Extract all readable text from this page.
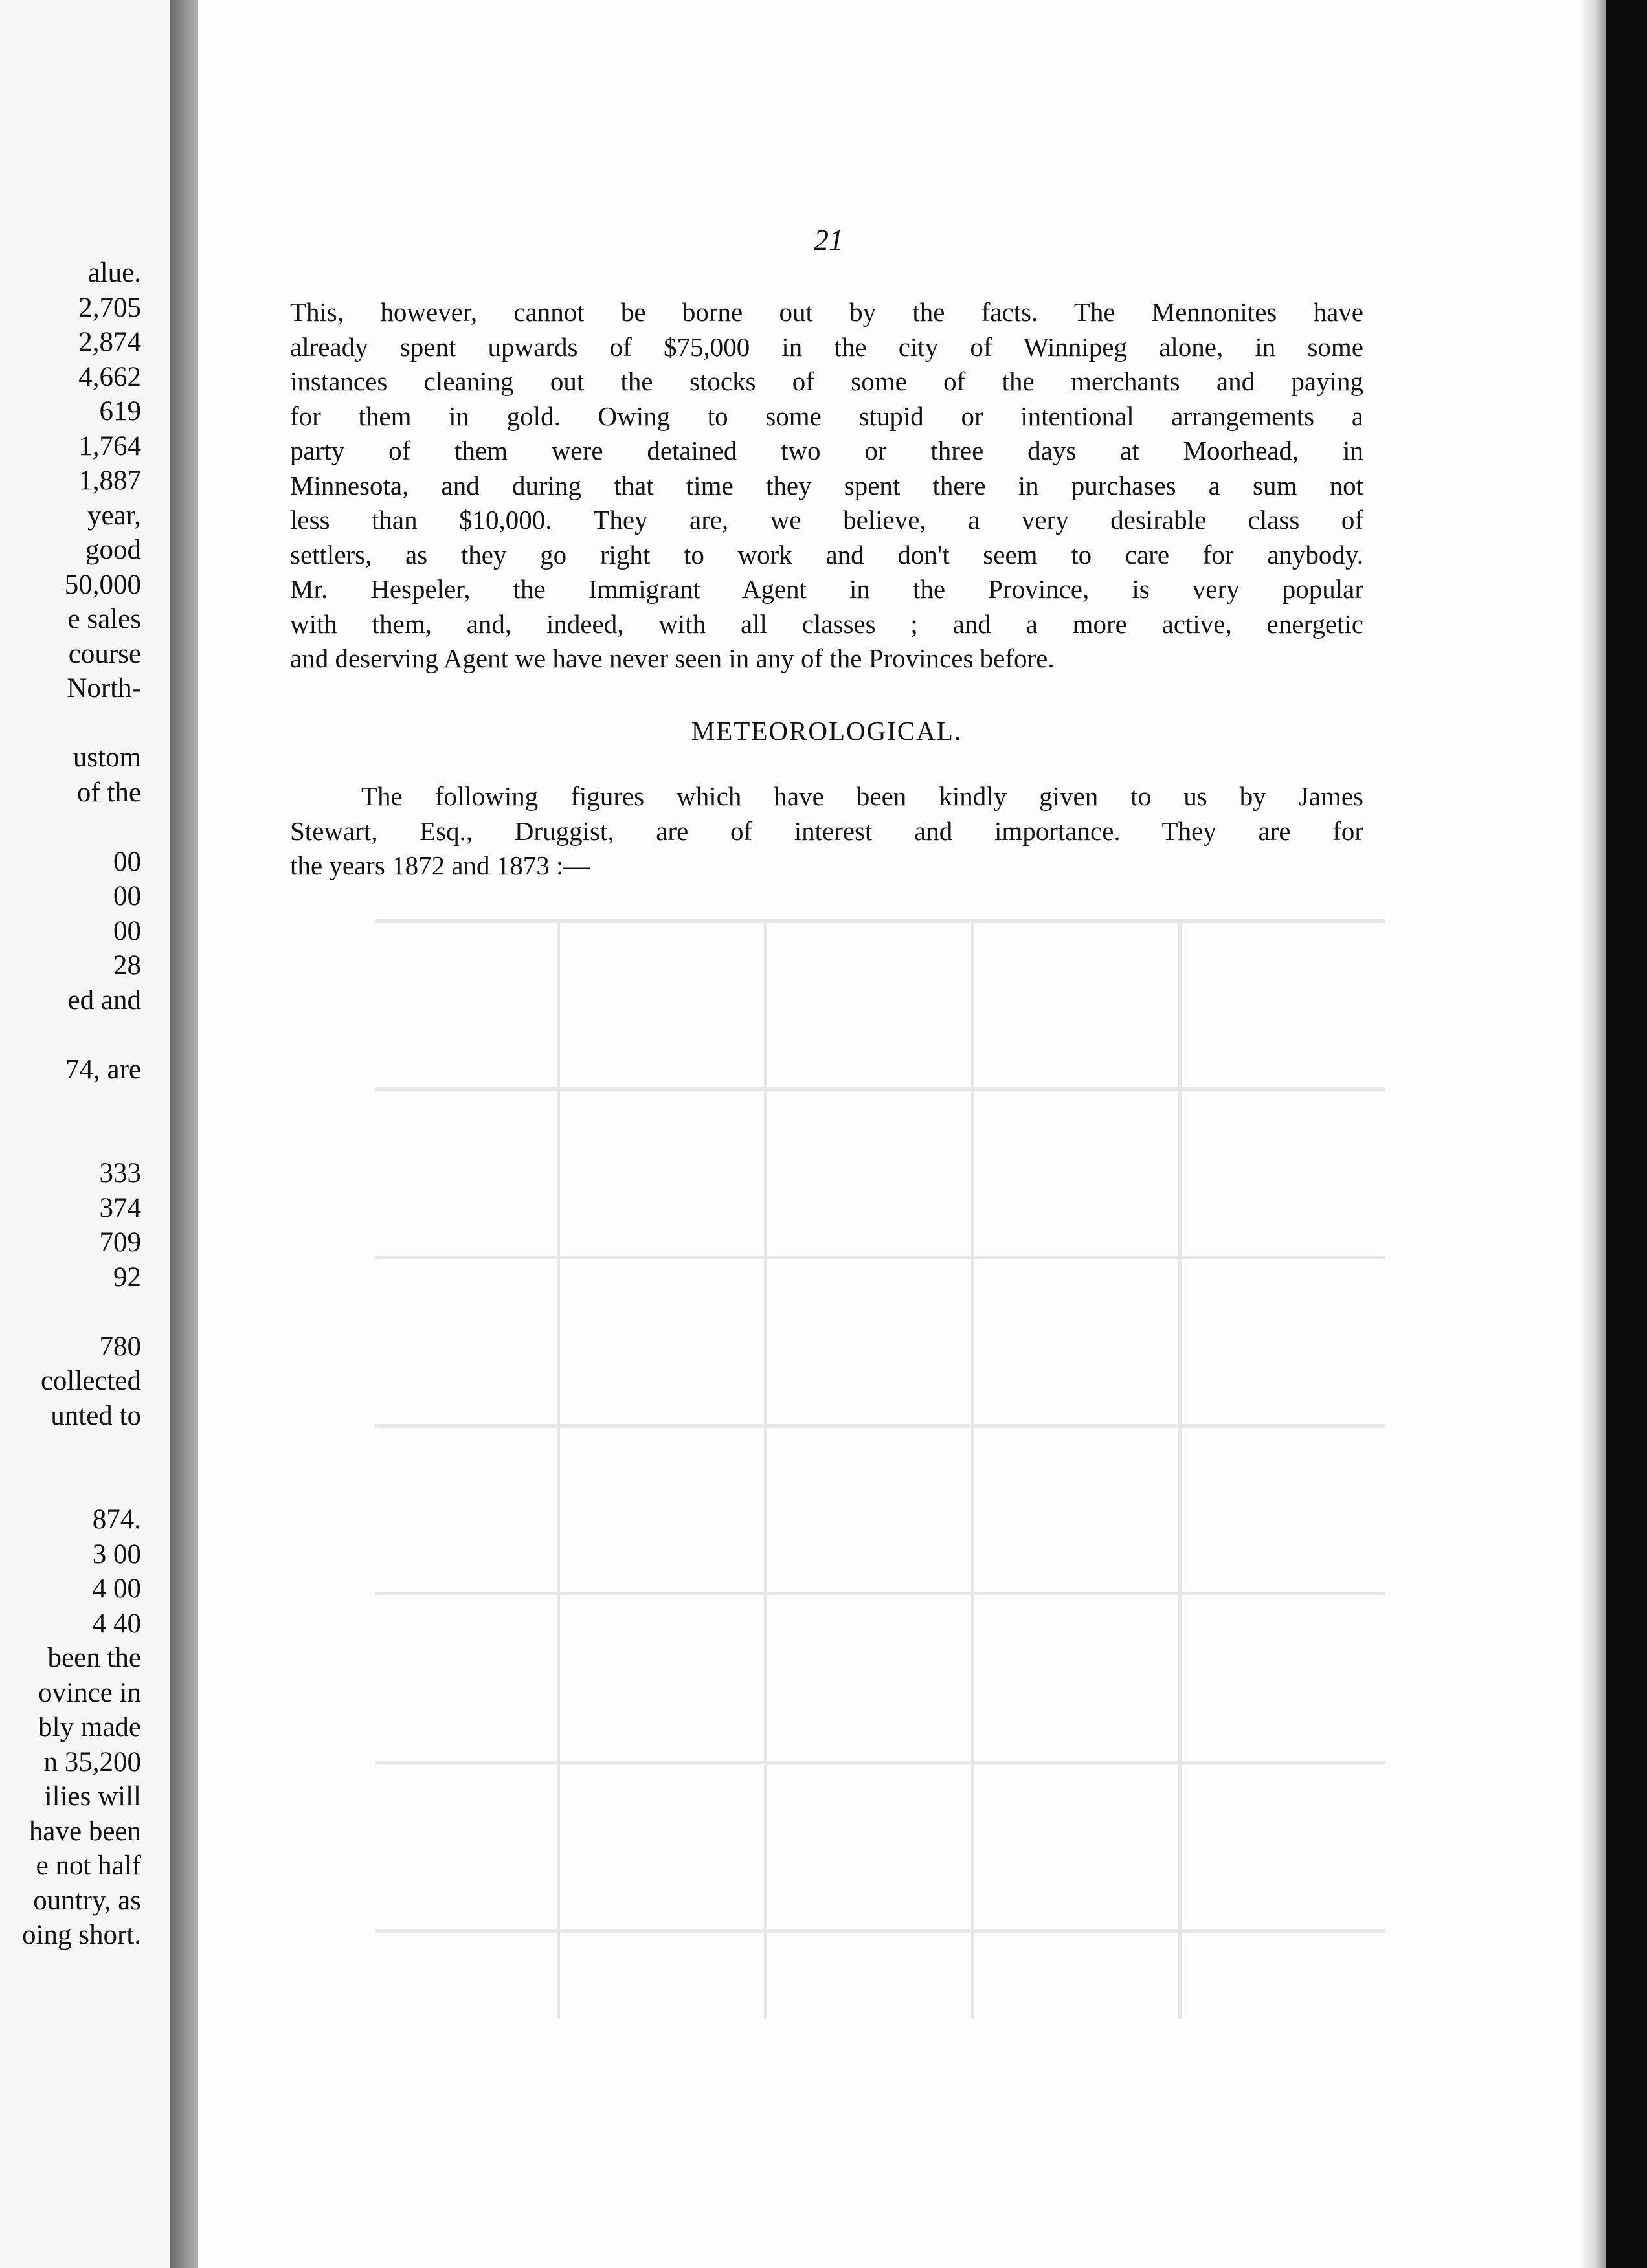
alue.
2,705
2,874
4,662
619
1,764
1,887
year,
good
50,000
e sales
course
North-
ustom
of the
00
00
00
28
ed and
74, are
333
374
709
92
780
collected
unted to
874.
3 00
4 00
4 40
been the
ovince in
bly made
n 35,200
ilies will
have been
e not half
ountry, as
oing short.
21
This, however, cannot be borne out by the facts. The Mennonites have
already spent upwards of $75,000 in the city of Winnipeg alone, in some
instances cleaning out the stocks of some of the merchants and paying
for them in gold. Owing to some stupid or intentional arrangements a
party of them were detained two or three days at Moorhead, in
Minnesota, and during that time they spent there in purchases a sum not
less than $10,000. They are, we believe, a very desirable class of
settlers, as they go right to work and don't seem to care for anybody.
Mr. Hespeler, the Immigrant Agent in the Province, is very popular
with them, and, indeed, with all classes ; and a more active, energetic
and deserving Agent we have never seen in any of the Provinces before.
METEOROLOGICAL.
The following figures which have been kindly given to us by James
Stewart, Esq., Druggist, are of interest and importance. They are for
the years 1872 and 1873 :—
